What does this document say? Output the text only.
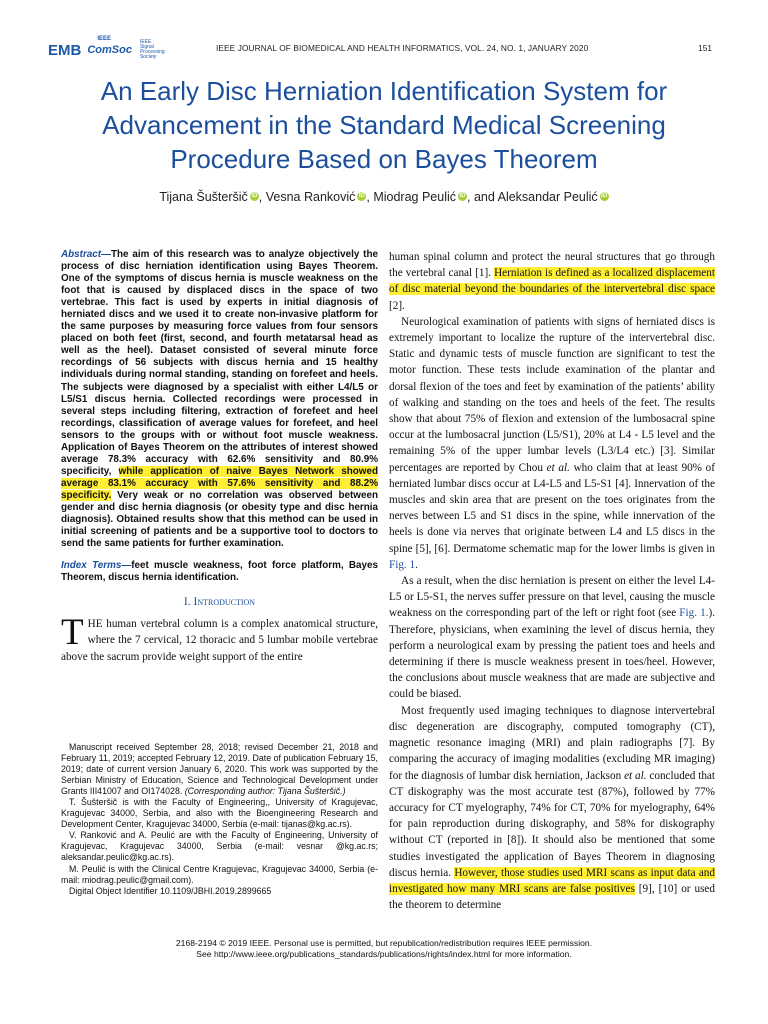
EMB
IEEE
ComSoc
IEEE Signal Processing Society
IEEE JOURNAL OF BIOMEDICAL AND HEALTH INFORMATICS, VOL. 24, NO. 1, JANUARY 2020	151
An Early Disc Herniation Identification System for Advancement in the Standard Medical Screening Procedure Based on Bayes Theorem
Tijana Šušteršič iD , Vesna Ranković iD , Miodrag Peulić iD , and Aleksandar Peulić iD

Abstract—The aim of this research was to analyze objectively the process of disc herniation identification using Bayes Theorem. One of the symptoms of discus hernia is muscle weakness on the foot that is caused by displaced discs in the space of two vertebrae. This fact is used by experts in initial diagnosis of herniated discs and we used it to create non-invasive platform for the same purposes by measuring force values from four sensors placed on both feet (first, second, and fourth metatarsal head as well as the heel). Dataset consisted of several minute force recordings of 56 subjects with discus hernia and 15 healthy individuals during normal standing, standing on forefeet and heels. The subjects were diagnosed by a specialist with either L4/L5 or L5/S1 discus hernia. Collected recordings were processed in several steps including filtering, extraction of forefeet and heel recordings, classification of average values for forefeet, and heel sensors to the groups with or without foot muscle weakness. Application of Bayes Theorem on the attributes of interest showed average 78.3% accuracy with 62.6% sensitivity and 80.9% specificity, while application of naive Bayes Network showed average 83.1% accuracy with 57.6% sensitivity and 88.2% specificity. Very weak or no correlation was observed between gender and disc hernia diagnosis (or obesity type and disc hernia diagnosis). Obtained results show that this method can be used in initial screening of patients and be a supportive tool to doctors to send the same patients for further examination.

Index Terms—feet muscle weakness, foot force platform, Bayes Theorem, discus hernia identification.

I. Introduction

THE human vertebral column is a complex anatomical structure, where the 7 cervical, 12 thoracic and 5 lumbar mobile vertebrae above the sacrum provide weight support of the entire

Manuscript received September 28, 2018; revised December 21, 2018 and February 11, 2019; accepted February 12, 2019. Date of publication February 15, 2019; date of current version January 6, 2020. This work was supported by the Serbian Ministry of Education, Science and Technological Development under Grants III41007 and OI174028. (Corresponding author: Tijana Šušteršič.)

T. Šušteršič is with the Faculty of Engineering,, University of Kragujevac, Kragujevac 34000, Serbia, and also with the Bioengineering Research and Development Center, Kragujevac 34000, Serbia (e-mail: tijanas@kg.ac.rs).

V. Ranković and A. Peulić are with the Faculty of Engineering, University of Kragujevac, Kragujevac 34000, Serbia (e-mail: vesnar @kg.ac.rs; aleksandar.peulic@kg.ac.rs).

M. Peulić is with the Clinical Centre Kragujevac, Kragujevac 34000, Serbia (e-mail: miodrag.peulic@gmail.com).

Digital Object Identifier 10.1109/JBHI.2019.2899665

human spinal column and protect the neural structures that go through the vertebral canal [1]. Herniation is defined as a localized displacement of disc material beyond the boundaries of the intervertebral disc space [2].

Neurological examination of patients with signs of herniated discs is extremely important to localize the rupture of the intervertebral disc. Static and dynamic tests of muscle function are significant to test the motor function. These tests include examination of the plantar and dorsal flexion of the toes and feet by examination of the patients’ ability of walking and standing on the toes and heels of the feet. The results show that about 75% of flexion and extension of the lumbosacral spine occur at the lumbosacral junction (L5/S1), 20% at L4 - L5 level and the remaining 5% of the upper lumbar levels (L3/L4 etc.) [3]. Similar percentages are reported by Chou et al. who claim that at least 90% of herniated lumbar discs occur at L4-L5 and L5-S1 [4]. Innervation of the muscles and skin area that are present on the toes originates from the nerves between L5 and S1 discs in the spine, while innervation of the heels is done via nerves that originate between L4 and L5 discs in the spine [5], [6]. Dermatome schematic map for the lower limbs is given in Fig. 1.

As a result, when the disc herniation is present on either the level L4-L5 or L5-S1, the nerves suffer pressure on that level, causing the muscle weakness on the corresponding part of the left or right foot (see Fig. 1.). Therefore, physicians, when examining the level of discus hernia, they perform a neurological exam by pressing the patient toes and heels and determining if there is muscle weakness present in toes/heel. However, the conclusions about muscle weakness that are made are subjective and could be biased.

Most frequently used imaging techniques to diagnose intervertebral disc degeneration are discography, computed tomography (CT), magnetic resonance imaging (MRI) and plain radiographs [7]. By comparing the accuracy of imaging modalities (excluding MR imaging) for the diagnosis of lumbar disk herniation, Jackson et al. concluded that CT diskography was the most accurate test (87%), followed by 77% accuracy for CT myelography, 74% for CT, 70% for myelography, 64% for pain reproduction during diskography, and 58% for diskography without CT (reported in [8]). It should also be mentioned that some studies investigated the application of Bayes Theorem in diagnosing discus hernia. However, those studies used MRI scans as input data and investigated how many MRI scans are false positives [9], [10] or used the theorem to determine

2168-2194 © 2019 IEEE. Personal use is permitted, but republication/redistribution requires IEEE permission.
See http://www.ieee.org/publications_standards/publications/rights/index.html for more information.
